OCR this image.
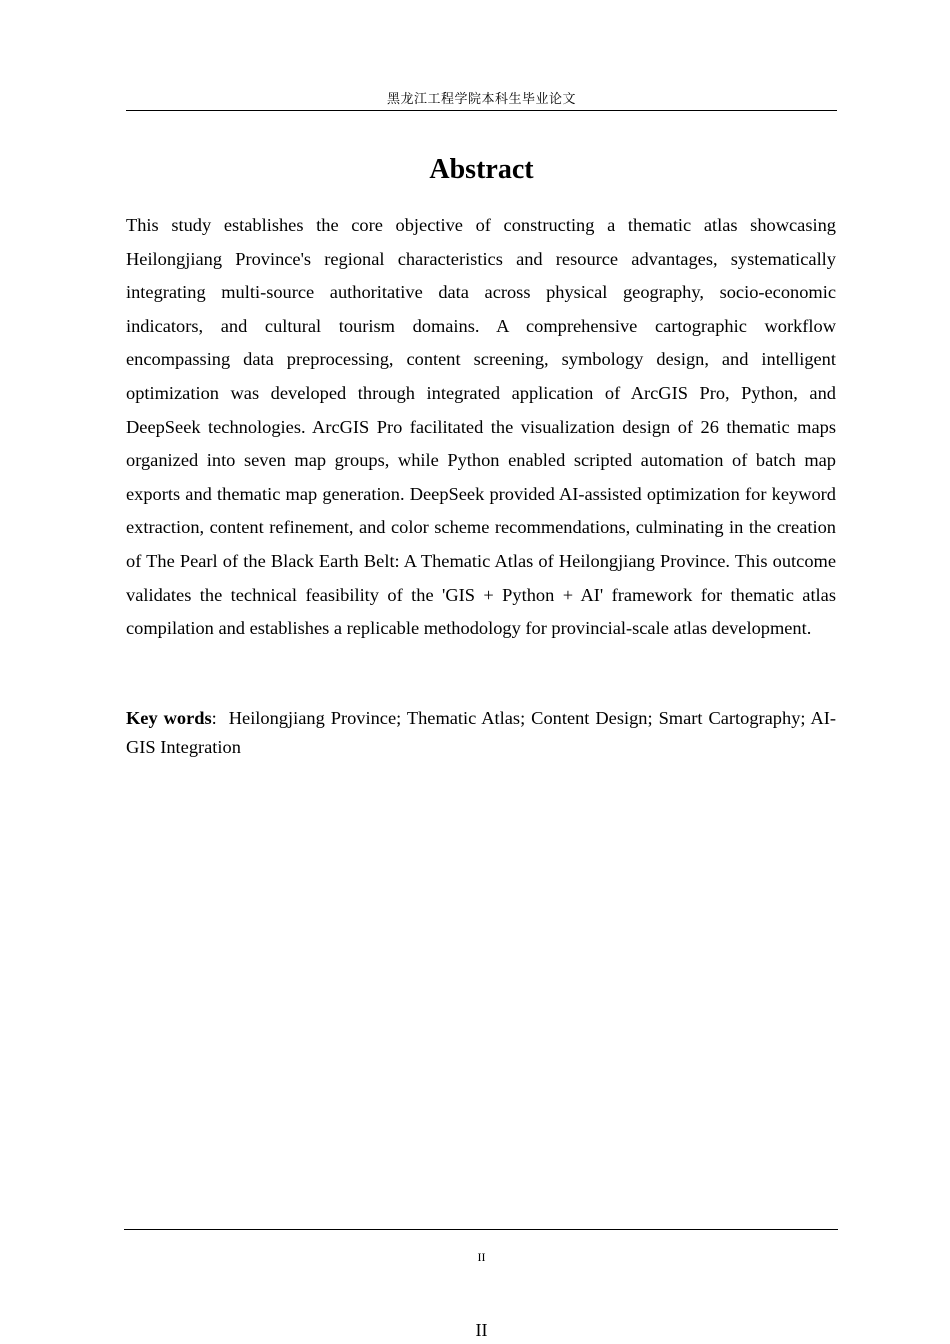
黑龙江工程学院本科生毕业论文
Abstract

This study establishes the core objective of constructing a thematic atlas showcasing Heilongjiang Province's regional characteristics and resource advantages, systematically integrating multi-source authoritative data across physical geography, socio-economic indicators, and cultural tourism domains. A comprehensive cartographic workflow encompassing data preprocessing, content screening, symbology design, and intelligent optimization was developed through integrated application of ArcGIS Pro, Python, and DeepSeek technologies. ArcGIS Pro facilitated the visualization design of 26 thematic maps organized into seven map groups, while Python enabled scripted automation of batch map exports and thematic map generation. DeepSeek provided AI-assisted optimization for keyword extraction, content refinement, and color scheme recommendations, culminating in the creation of The Pearl of the Black Earth Belt: A Thematic Atlas of Heilongjiang Province. This outcome validates the technical feasibility of the 'GIS + Python + AI' framework for thematic atlas compilation and establishes a replicable methodology for provincial-scale atlas development.

Key words: Heilongjiang Province; Thematic Atlas; Content Design; Smart Cartography; AI-GIS Integration

II
II
